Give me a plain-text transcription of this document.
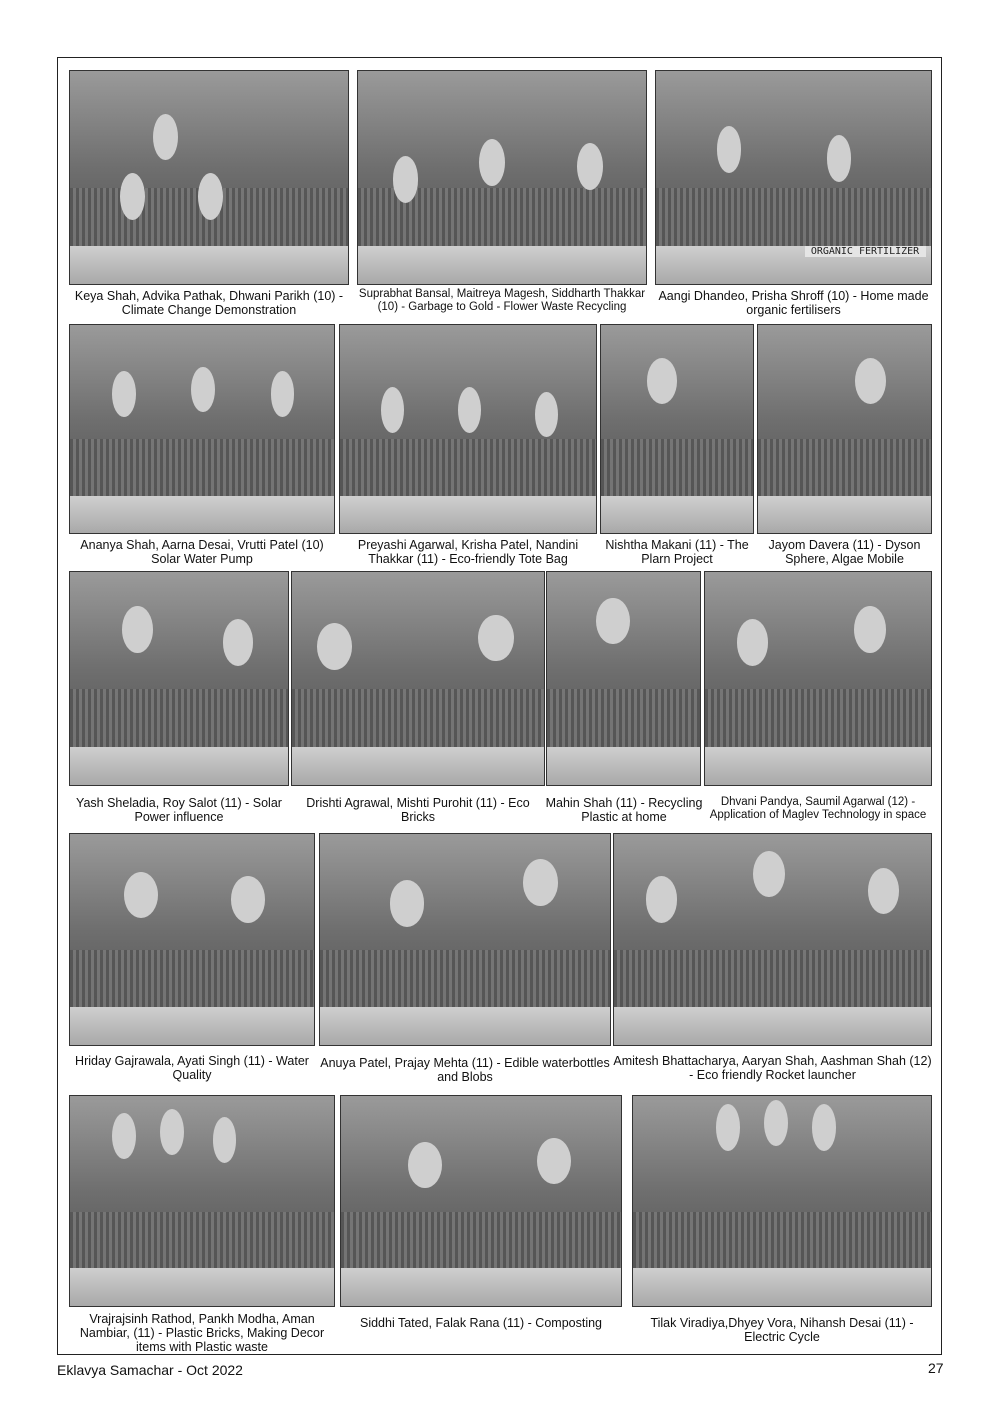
Keya Shah, Advika Pathak, Dhwani Parikh (10) - Climate Change Demonstration
Suprabhat Bansal, Maitreya Magesh, Siddharth Thakkar (10) - Garbage to Gold - Flower Waste Recycling
ORGANIC FERTILIZER
Aangi Dhandeo, Prisha Shroff (10) - Home made organic fertilisers
Ananya Shah, Aarna Desai, Vrutti Patel (10) Solar Water Pump
Preyashi Agarwal, Krisha Patel, Nandini Thakkar (11) - Eco-friendly Tote Bag
Nishtha Makani (11) - The Plarn Project
Jayom Davera (11) - Dyson Sphere, Algae Mobile
Yash Sheladia, Roy Salot (11) - Solar Power influence
Drishti Agrawal, Mishti Purohit (11) - Eco Bricks
Mahin Shah (11) - Recycling Plastic at home
Dhvani Pandya, Saumil Agarwal (12) - Application of Maglev Technology in space
Hriday Gajrawala, Ayati Singh (11) - Water Quality
Anuya Patel, Prajay Mehta (11) - Edible waterbottles and Blobs
Amitesh Bhattacharya, Aaryan Shah, Aashman Shah (12) - Eco friendly Rocket launcher
Vrajrajsinh Rathod, Pankh Modha, Aman Nambiar, (11) - Plastic Bricks, Making Decor items with Plastic waste
Siddhi Tated, Falak Rana (11) - Composting	Tilak Viradiya,Dhyey Vora, Nihansh Desai (11) - Electric Cycle
Eklavya Samachar - Oct 2022	27
